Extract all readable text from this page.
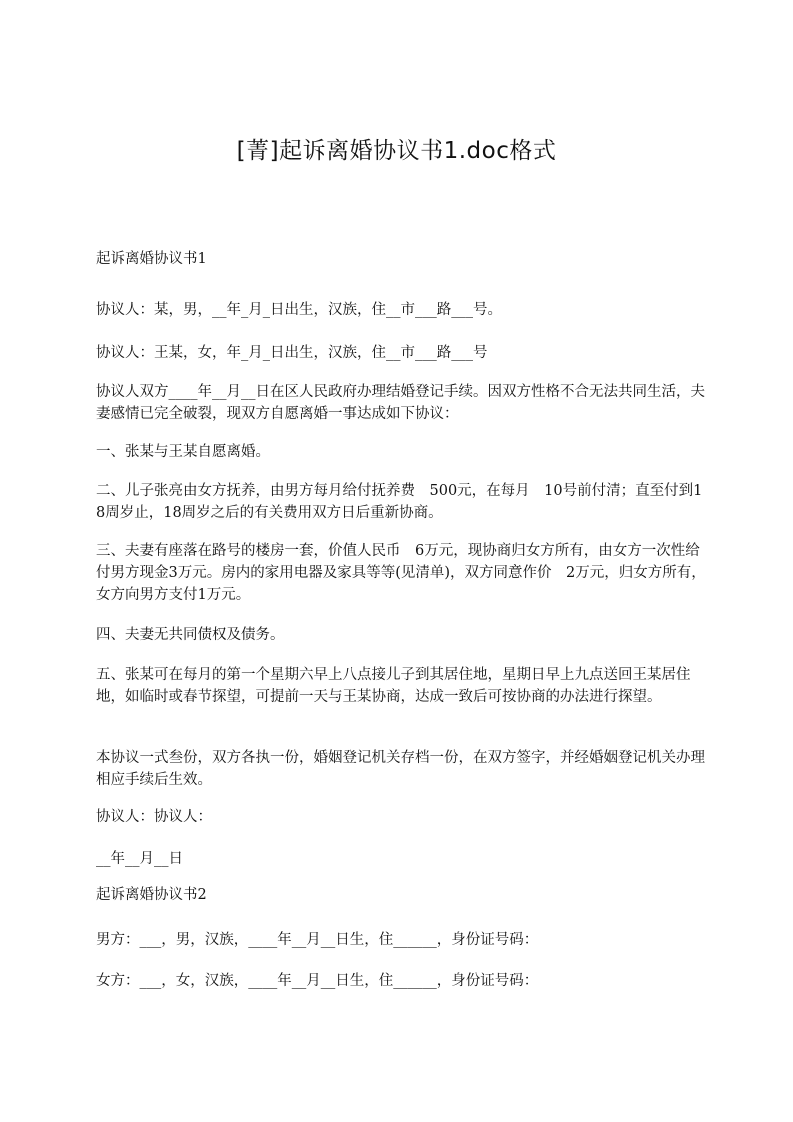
[菁]起诉离婚协议书1.doc格式

起诉离婚协议书1

协议人：某，男，__年_月_日出生，汉族，住__市___路___号。

协议人：王某，女，年_月_日出生，汉族，住__市___路___号

协议人双方____年__月__日在区人民政府办理结婚登记手续。因双方性格不合无法共同生活，夫妻感情已完全破裂，现双方自愿离婚一事达成如下协议：

一、张某与王某自愿离婚。

二、儿子张亮由女方抚养，由男方每月给付抚养费　500元，在每月　10号前付清；直至付到18周岁止，18周岁之后的有关费用双方日后重新协商。

三、夫妻有座落在路号的楼房一套，价值人民币　6万元，现协商归女方所有，由女方一次性给付男方现金3万元。房内的家用电器及家具等等(见清单)，双方同意作价　2万元，归女方所有，女方向男方支付1万元。

四、夫妻无共同债权及债务。

五、张某可在每月的第一个星期六早上八点接儿子到其居住地，星期日早上九点送回王某居住地，如临时或春节探望，可提前一天与王某协商，达成一致后可按协商的办法进行探望。

本协议一式叁份，双方各执一份，婚姻登记机关存档一份，在双方签字，并经婚姻登记机关办理相应手续后生效。

协议人：协议人：

__年__月__日

起诉离婚协议书2

男方：___，男，汉族，____年__月__日生，住______，身份证号码：

女方：___，女，汉族，____年__月__日生，住______，身份证号码：
